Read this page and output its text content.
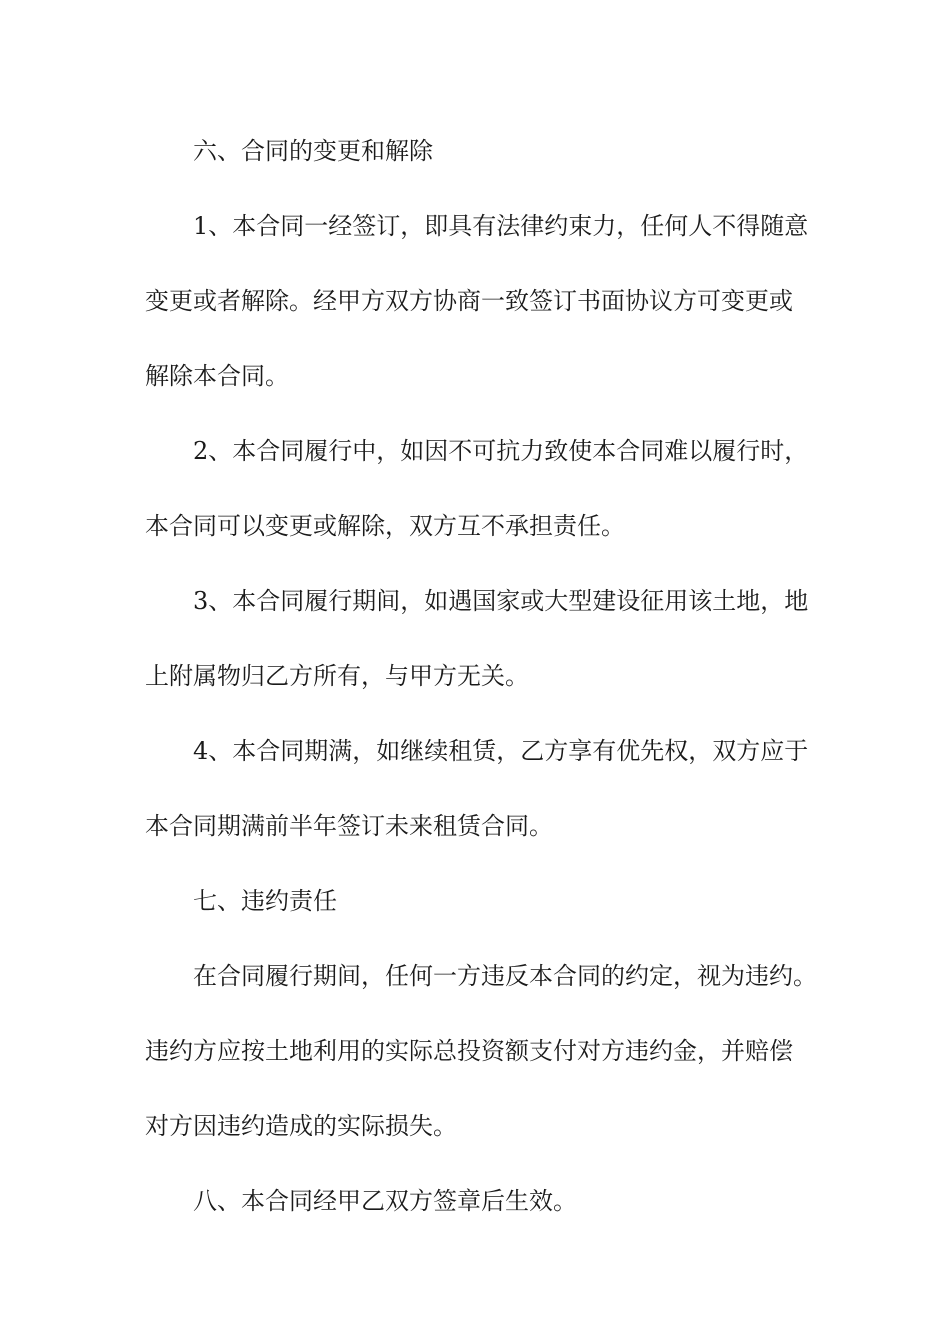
六、合同的变更和解除
1、本合同一经签订，即具有法律约束力，任何人不得随意
变更或者解除。经甲方双方协商一致签订书面协议方可变更或
解除本合同。
2、本合同履行中，如因不可抗力致使本合同难以履行时，
本合同可以变更或解除，双方互不承担责任。
3、本合同履行期间，如遇国家或大型建设征用该土地，地
上附属物归乙方所有，与甲方无关。
4、本合同期满，如继续租赁，乙方享有优先权，双方应于
本合同期满前半年签订未来租赁合同。
七、违约责任
在合同履行期间，任何一方违反本合同的约定，视为违约。
违约方应按土地利用的实际总投资额支付对方违约金，并赔偿
对方因违约造成的实际损失。
八、本合同经甲乙双方签章后生效。
